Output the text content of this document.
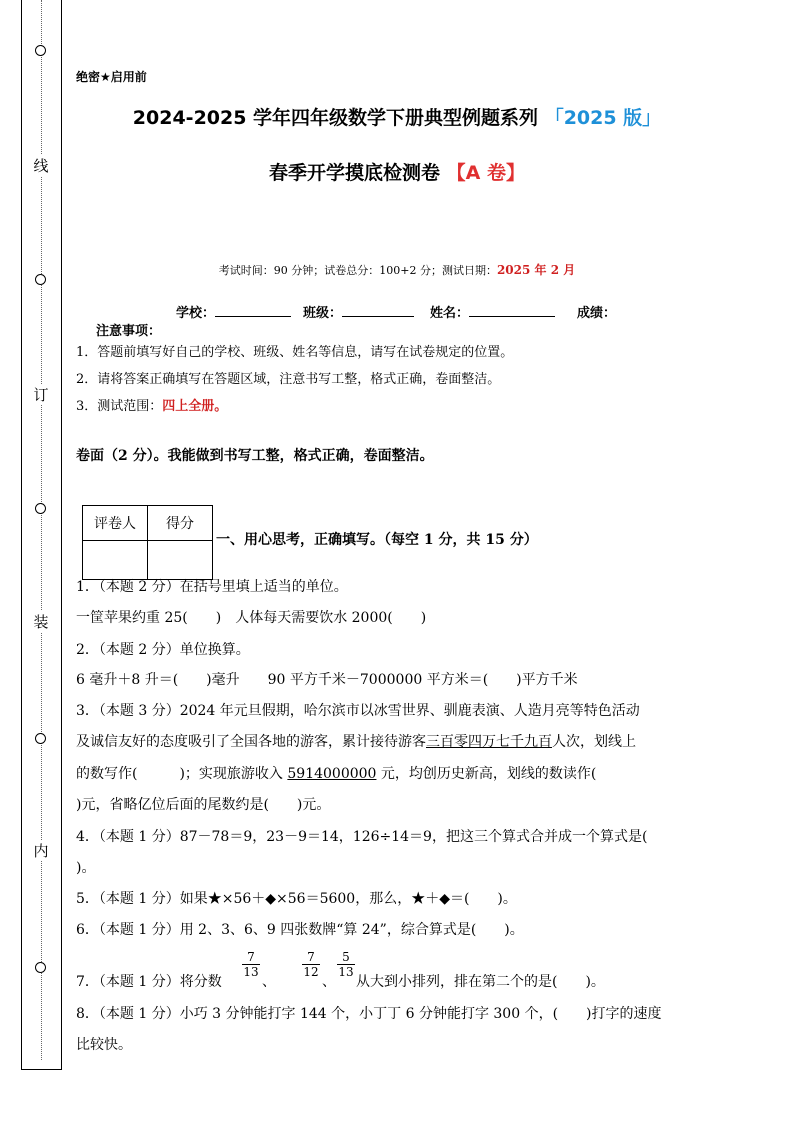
线
订
装
内
绝密★启用前
2024-2025 学年四年级数学下册典型例题系列 「2025 版」
春季开学摸底检测卷 【A 卷】
考试时间：90 分钟；试卷总分：100+2 分；测试日期：2025 年 2 月
学校：	班级：	姓名：	成绩：
注意事项：
1．答题前填写好自己的学校、班级、姓名等信息，请写在试卷规定的位置。
2．请将答案正确填写在答题区域，注意书写工整，格式正确，卷面整洁。
3．测试范围：四上全册。
卷面（2 分）。我能做到书写工整，格式正确，卷面整洁。
评卷人	得分

一、用心思考，正确填写。（每空 1 分，共 15 分）
1．（本题 2 分）在括号里填上适当的单位。
一筐苹果约重 25(　　)　人体每天需要饮水 2000(　　)
2．（本题 2 分）单位换算。
6 毫升＋8 升＝(　　)毫升　　90 平方千米－7000000 平方米＝(　　)平方千米
3．（本题 3 分）2024 年元旦假期，哈尔滨市以冰雪世界、驯鹿表演、人造月亮等特色活动
及诚信友好的态度吸引了全国各地的游客，累计接待游客三百零四万七千九百人次，划线上
的数写作(　　　)；实现旅游收入 5914000000 元，均创历史新高，划线的数读作(
)元，省略亿位后面的尾数约是(　　)元。
4．（本题 1 分）87－78＝9，23－9＝14，126÷14＝9，把这三个算式合并成一个算式是(
)。
5．（本题 1 分）如果★×56＋◆×56＝5600，那么，★＋◆＝(　　)。
6．（本题 1 分）用 2、3、6、9 四张数牌“算 24”，综合算式是(　　)。
7．（本题 1 分）将分数
$\frac{7}{13}$
、
$\frac{7}{12}$
、
$\frac{5}{13}$
从大到小排列，排在第二个的是(　　)。
8．（本题 1 分）小巧 3 分钟能打字 144 个，小丁丁 6 分钟能打字 300 个，(　　)打字的速度
比较快。
